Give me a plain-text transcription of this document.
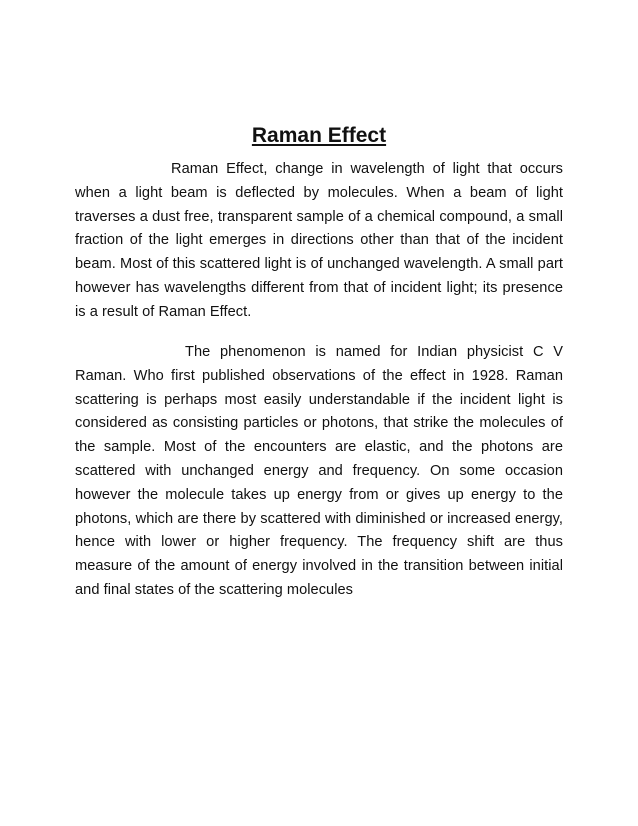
Raman Effect

Raman Effect, change in wavelength of light that occurs when a light beam is deflected by molecules. When a beam of light traverses a dust free, transparent sample of a chemical compound, a small fraction of the light emerges in directions other than that of the incident beam. Most of this scattered light is of unchanged wavelength. A small part however has wavelengths different from that of incident light; its presence is a result of Raman Effect.

The phenomenon is named for Indian physicist C V Raman. Who first published observations of the effect in 1928. Raman scattering is perhaps most easily understandable if the incident light is considered as consisting particles or photons, that strike the molecules of the sample. Most of the encounters are elastic, and the photons are scattered with unchanged energy and frequency. On some occasion however the molecule takes up energy from or gives up energy to the photons, which are there by scattered with diminished or increased energy, hence with lower or higher frequency. The frequency shift are thus measure of the amount of energy involved in the transition between initial and final states of the scattering molecules
